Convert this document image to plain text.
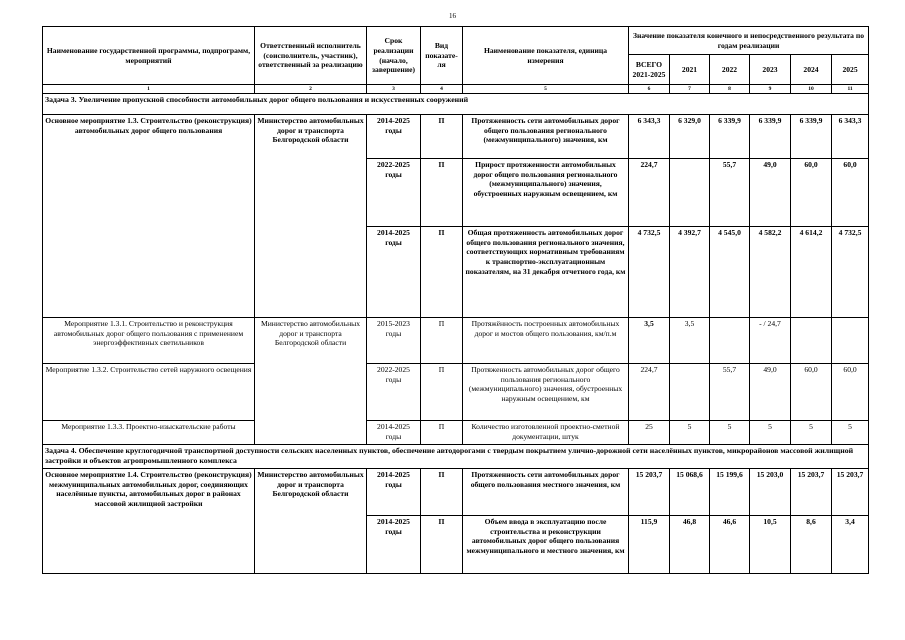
16
Наименование государственной программы, подпрограмм, мероприятий	Ответственный исполнитель (соисполнитель, участник), ответственный за реализацию	Срок реализации (начало, завершение)	Вид показате-ля	Наименование показателя, единица измерения	Значение показателя конечного и непосредственного результата по годам реализации					
					ВСЕГО 2021-2025	2021	2022	2023	2024	2025
1	2	3	4	5	6	7	8	9	10	11
Задача 3. Увеличение пропускной способности автомобильных дорог общего пользования и искусственных сооружений										
Основное мероприятие 1.3. Строительство (реконструкция) автомобильных дорог общего пользования	Министерство автомобильных дорог и транспорта Белгородской области	2014-2025 годы	П	Протяженность сети автомобильных дорог общего пользования регионального (межмуниципального) значения, км	6 343,3	6 329,0	6 339,9	6 339,9	6 339,9	6 343,3
		2022-2025 годы	П	Прирост протяженности автомобильных дорог общего пользования регионального (межмуниципального) значения, обустроенных наружным освещением, км	224,7		55,7	49,0	60,0	60,0
		2014-2025 годы	П	Общая протяженность автомобильных дорог общего пользования регионального значения, соответствующих нормативным требованиям к транспортно-эксплуатационным показателям, на 31 декабря отчетного года, км	4 732,5	4 392,7	4 545,0	4 582,2	4 614,2	4 732,5
Мероприятие 1.3.1. Строительство и реконструкция автомобильных дорог общего пользования с применением энергоэффективных светильников	Министерство автомобильных дорог и транспорта Белгородской области	2015-2023 годы	П	Протяжённость построенных автомобильных дорог и мостов общего пользования, км/п.м	3,5	3,5		- / 24,7		
Мероприятие 1.3.2. Строительство сетей наружного освещения		2022-2025 годы	П	Протяженность автомобильных дорог общего пользования регионального (межмуниципального) значения, обустроенных наружным освещением, км	224,7		55,7	49,0	60,0	60,0
Мероприятие 1.3.3. Проектно-изыскательские работы		2014-2025 годы	П	Количество изготовленной проектно-сметной документации, штук	25	5	5	5	5	5
Задача 4. Обеспечение круглогодичной транспортной доступности сельских населенных пунктов, обеспечение автодорогами с твердым покрытием улично-дорожной сети населённых пунктов, микрорайонов массовой жилищной застройки и объектов агропромышленного комплекса										
Основное мероприятие 1.4. Строительство (реконструкция) межмуниципальных автомобильных дорог, соединяющих населённые пункты, автомобильных дорог в районах массовой жилищной застройки	Министерство автомобильных дорог и транспорта Белгородской области	2014-2025 годы	П	Протяженность сети автомобильных дорог общего пользования местного значения, км	15 203,7	15 068,6	15 199,6	15 203,0	15 203,7	15 203,7
		2014-2025 годы	П	Объем ввода в эксплуатацию после строительства и реконструкции автомобильных дорог общего пользования межмуниципального и местного значения, км	115,9	46,8	46,6	10,5	8,6	3,4
